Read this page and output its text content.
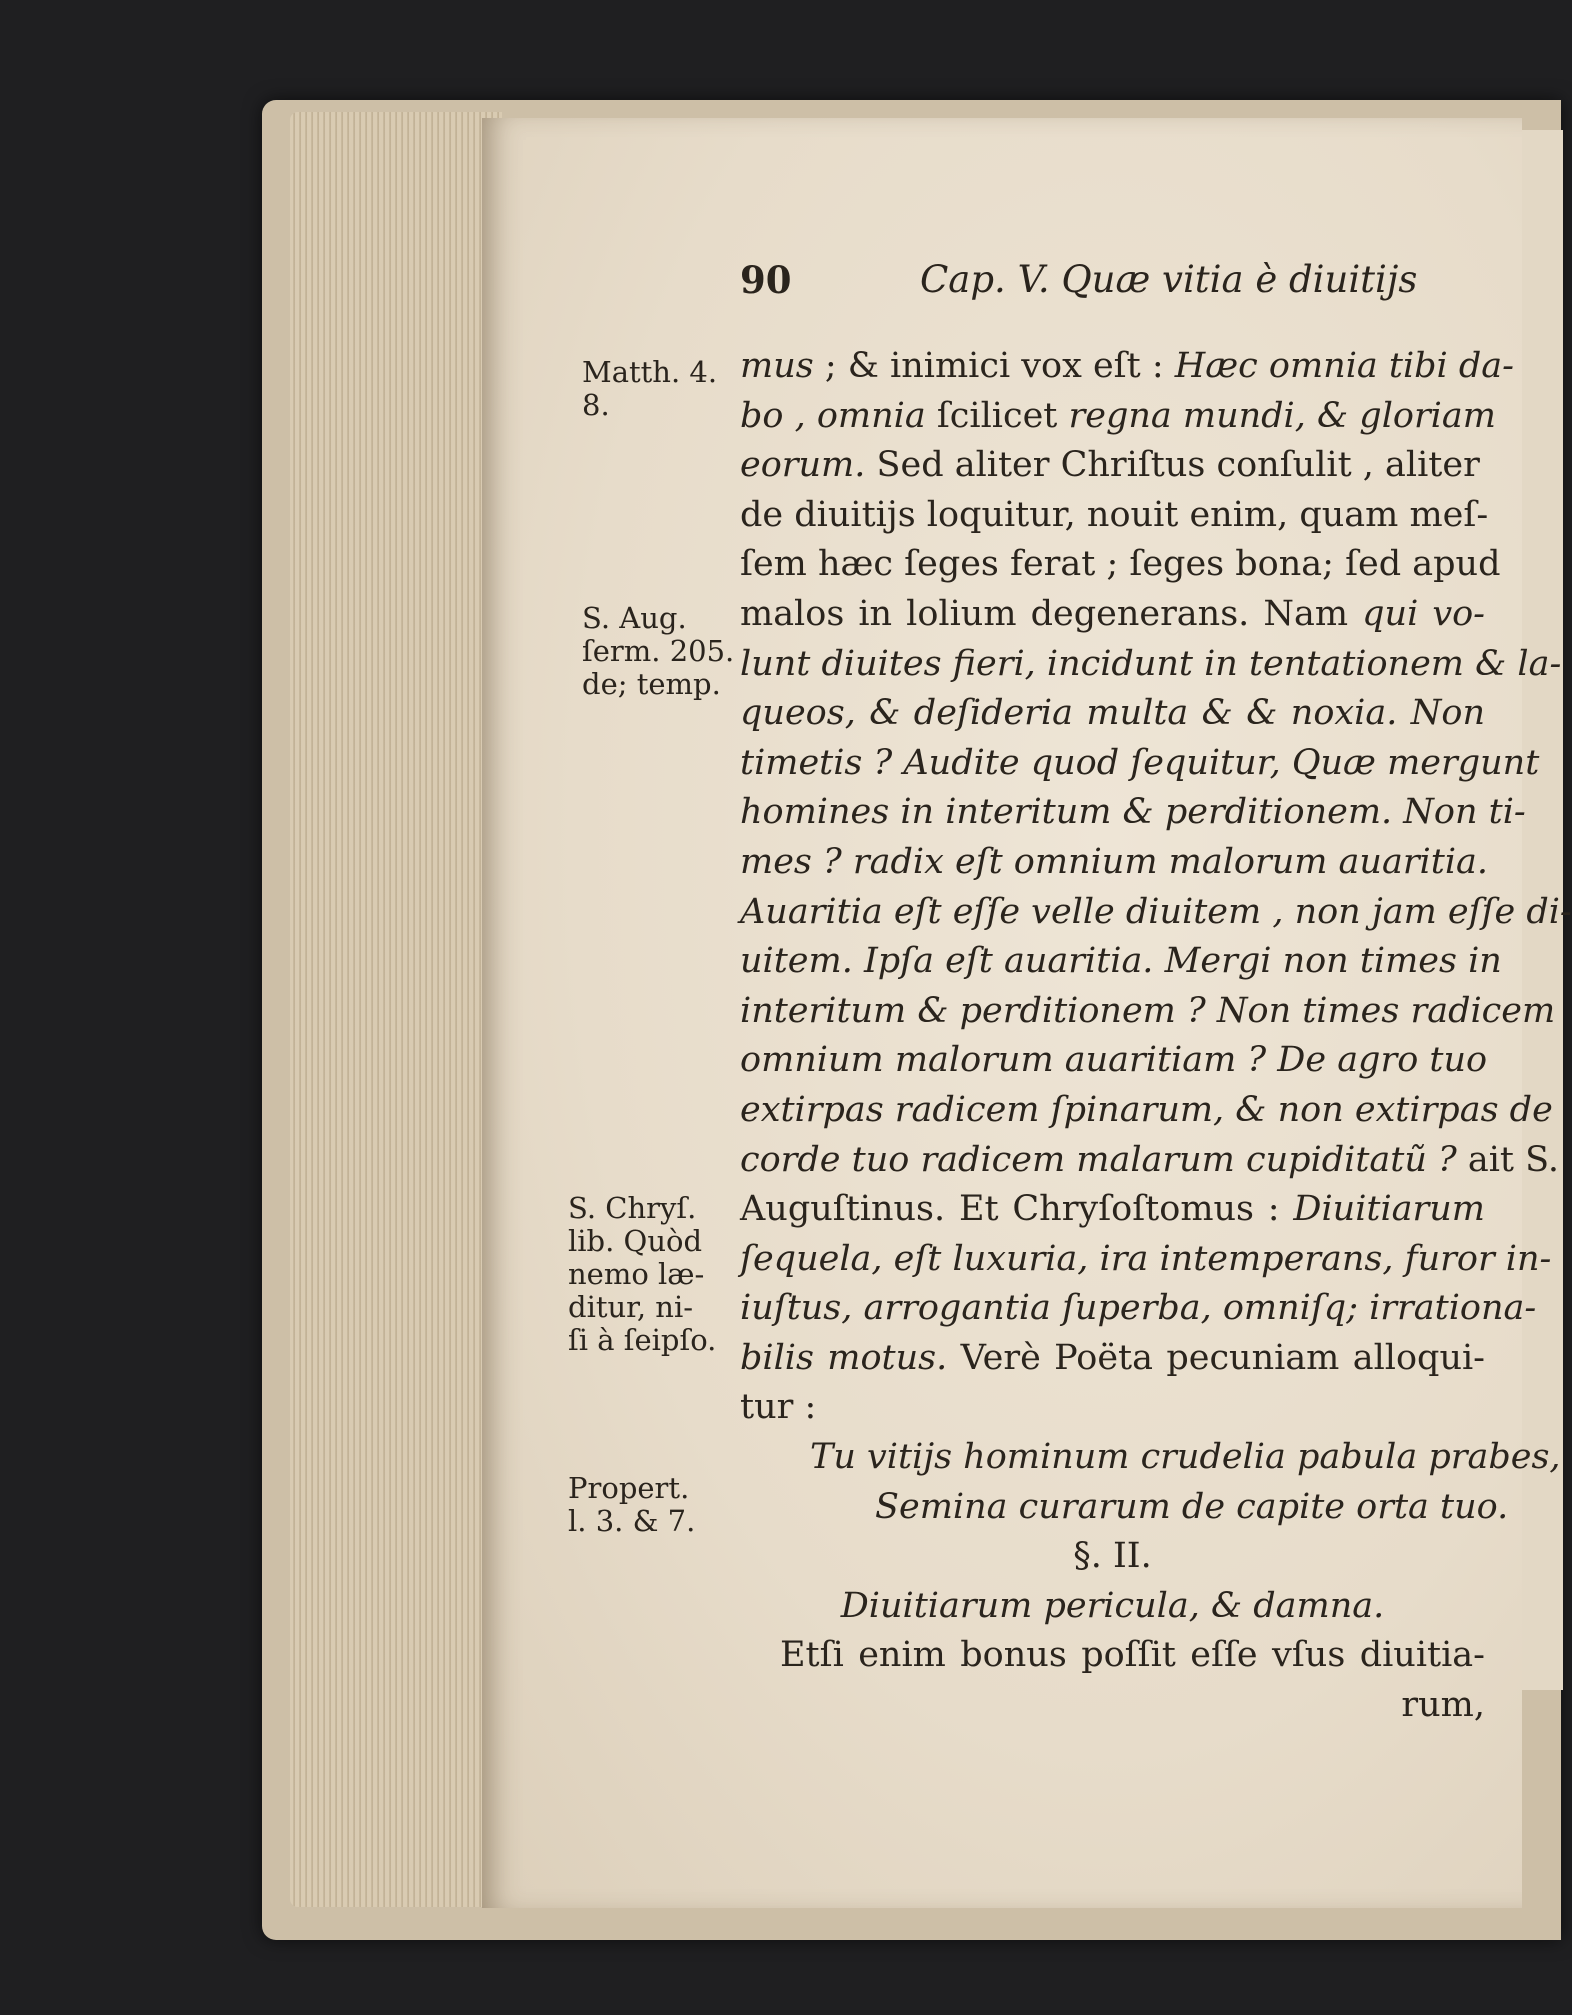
90	Cap. V. Quæ vitia è diuitijs
Matth. 4.
8.
S. Aug.
ſerm. 205.
de; temp.
S. Chryſ.
lib. Quòd
nemo læ-
ditur, ni-
ſi à ſeipſo.
Propert.
l. 3. & 7.
mus ; & inimici vox eſt : Hæc omnia tibi da-
bo , omnia ſcilicet regna mundi, & gloriam
eorum. Sed aliter Chriſtus conſulit , aliter
de diuitijs loquitur, nouit enim, quam meſ-
ſem hæc ſeges ferat ; ſeges bona; ſed apud
malos in lolium degenerans. Nam qui vo-
lunt diuites fieri, incidunt in tentationem & la-
queos, & deſideria multa & & noxia. Non
timetis ? Audite quod ſequitur, Quæ mergunt
homines in interitum & perditionem. Non ti-
mes ? radix eſt omnium malorum auaritia.
Auaritia eſt eſſe velle diuitem , non jam eſſe di-
uitem. Ipſa eſt auaritia. Mergi non times in
interitum & perditionem ? Non times radicem
omnium malorum auaritiam ? De agro tuo
extirpas radicem ſpinarum, & non extirpas de
corde tuo radicem malarum cupiditatũ ? ait S.
Auguſtinus. Et Chryſoſtomus : Diuitiarum
ſequela, eſt luxuria, ira intemperans, furor in-
iuſtus, arrogantia ſuperba, omniſq; irrationa-
bilis motus. Verè Poëta pecuniam alloqui-
tur :
Tu vitijs hominum crudelia pabula prabes,
Semina curarum de capite orta tuo.
§. II.
Diuitiarum pericula, & damna.
Etſi enim bonus poſſit eſſe vſus diuitia-
rum,
